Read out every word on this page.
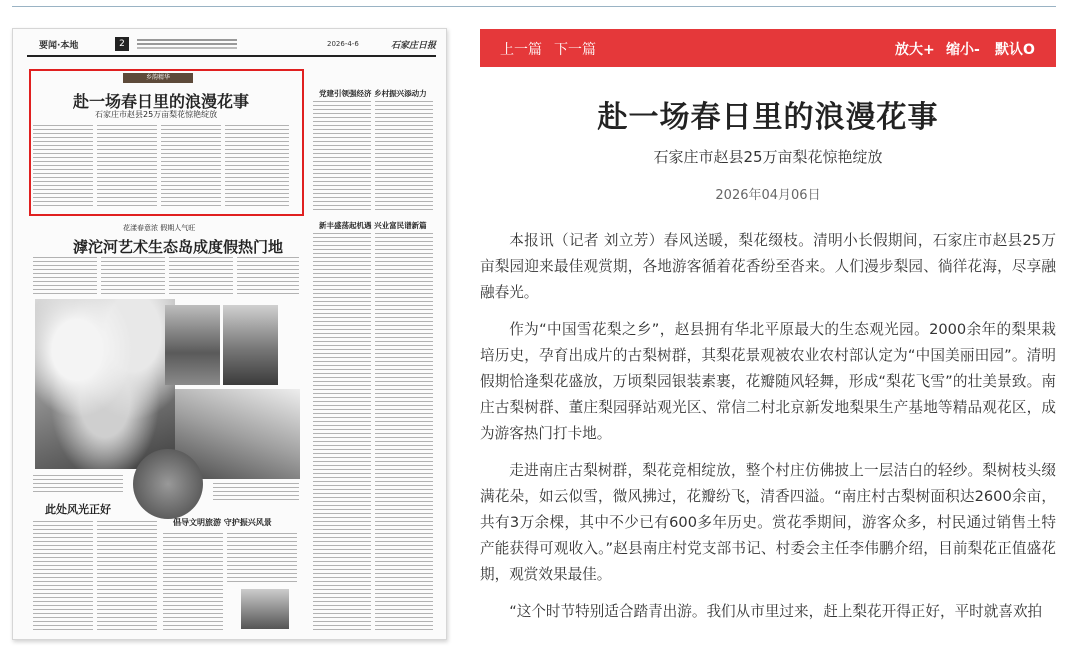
要闻·本地	2	2026-4-6	石家庄日报
乡韵精华
赴一场春日里的浪漫花事
石家庄市赵县25万亩梨花惊艳绽放
党建引领强经济 乡村振兴添动力
新丰盛荡起机遇 兴业富民谱新篇
花漾春意浓 假期人气旺
滹沱河艺术生态岛成度假热门地
此处风光正好
倡导文明旅游 守护振兴风景
上一篇 下一篇	放大+ 缩小- 默认O
赴一场春日里的浪漫花事
石家庄市赵县25万亩梨花惊艳绽放
2026年04月06日

本报讯（记者 刘立芳）春风送暖，梨花缀枝。清明小长假期间，石家庄市赵县25万亩梨园迎来最佳观赏期，各地游客循着花香纷至沓来。人们漫步梨园、徜徉花海，尽享融融春光。

作为“中国雪花梨之乡”，赵县拥有华北平原最大的生态观光园。2000余年的梨果栽培历史，孕育出成片的古梨树群，其梨花景观被农业农村部认定为“中国美丽田园”。清明假期恰逢梨花盛放，万顷梨园银装素裹，花瓣随风轻舞，形成“梨花飞雪”的壮美景致。南庄古梨树群、董庄梨园驿站观光区、常信二村北京新发地梨果生产基地等精品观花区，成为游客热门打卡地。

走进南庄古梨树群，梨花竞相绽放，整个村庄仿佛披上一层洁白的轻纱。梨树枝头缀满花朵，如云似雪，微风拂过，花瓣纷飞，清香四溢。“南庄村古梨树面积达2600余亩，共有3万余棵，其中不少已有600多年历史。赏花季期间，游客众多，村民通过销售土特产能获得可观收入。”赵县南庄村党支部书记、村委会主任李伟鹏介绍，目前梨花正值盛花期，观赏效果最佳。

“这个时节特别适合踏青出游。我们从市里过来，赶上梨花开得正好，平时就喜欢拍
